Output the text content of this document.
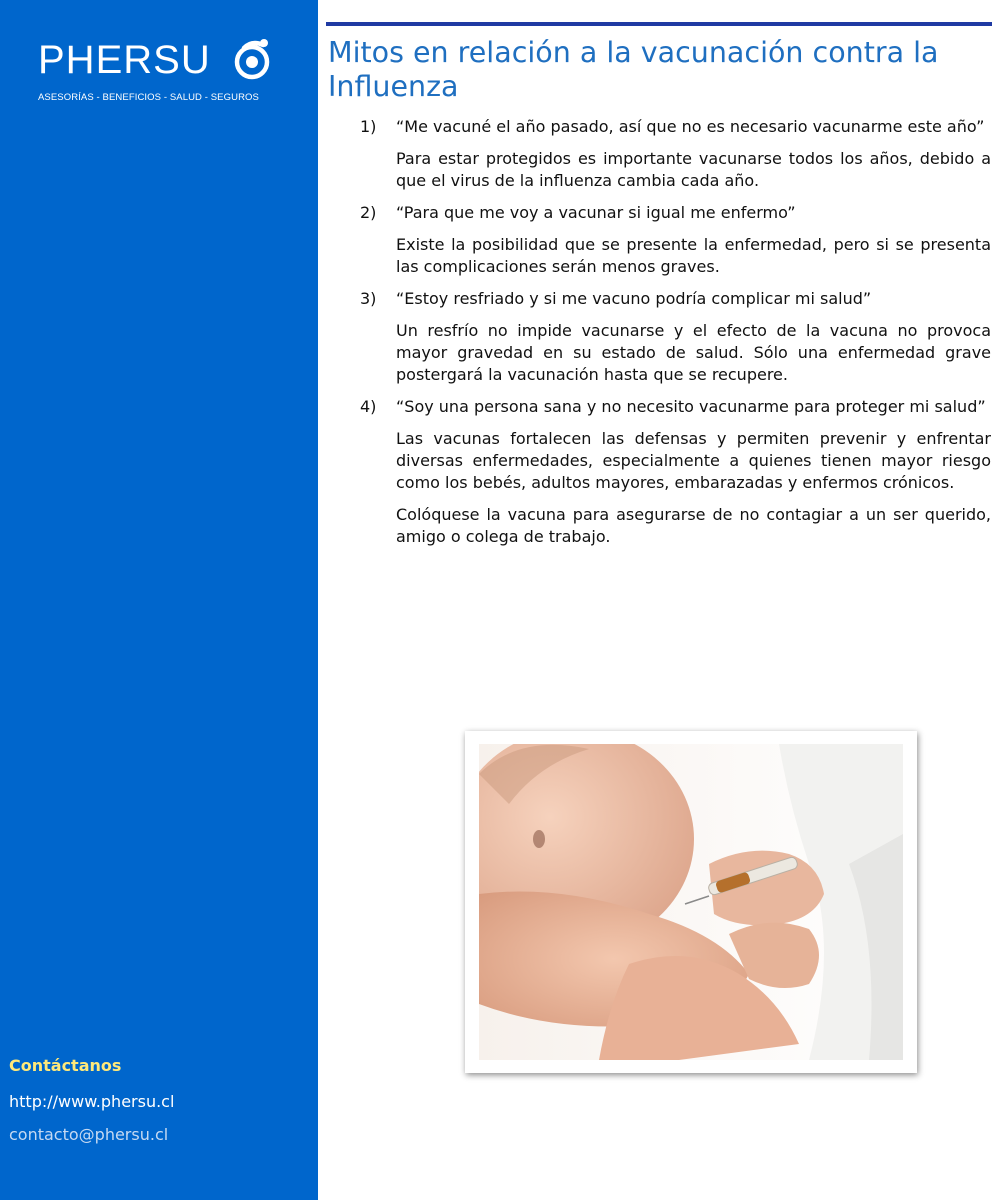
PHERSU
ASESORÍAS - BENEFICIOS - SALUD - SEGUROS
Contáctanos
http://www.phersu.cl
contacto@phersu.cl
Mitos en relación a la vacunación contra la Influenza
1) “Me vacuné el año pasado, así que no es necesario vacunarme este año”

Para estar protegidos es importante vacunarse todos los años, debido a que el virus de la influenza cambia cada año.

2) “Para que me voy a vacunar si igual me enfermo”

Existe la posibilidad que se presente la enfermedad, pero si se presenta las complicaciones serán menos graves.

3) “Estoy resfriado y si me vacuno podría complicar mi salud”

Un resfrío no impide vacunarse y el efecto de la vacuna no provoca mayor gravedad en su estado de salud. Sólo una enfermedad grave postergará la vacunación hasta que se recupere.

4) “Soy una persona sana y no necesito vacunarme para proteger mi salud”

Las vacunas fortalecen las defensas y permiten prevenir y enfrentar diversas enfermedades, especialmente a quienes tienen mayor riesgo como los bebés, adultos mayores, embarazadas y enfermos crónicos.

Colóquese la vacuna para asegurarse de no contagiar a un ser querido, amigo o colega de trabajo.
